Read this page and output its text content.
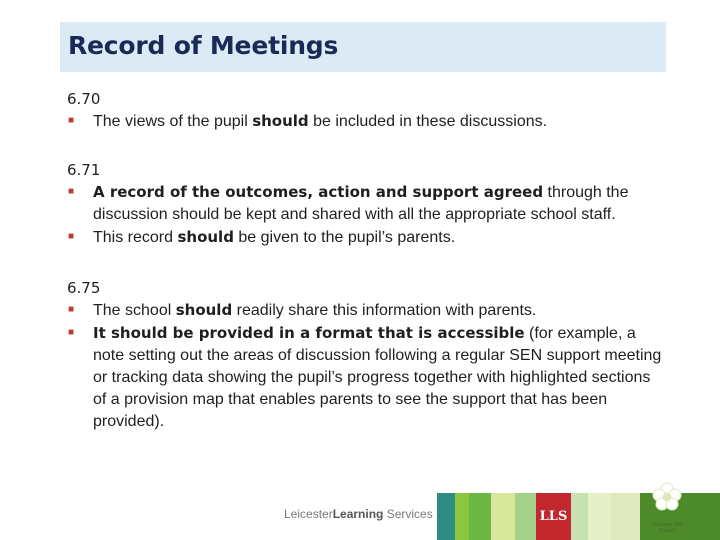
Record of Meetings
6.70
■ The views of the pupil should be included in these discussions.
6.71
■ A record of the outcomes, action and support agreed through the discussion should be kept and shared with all the appropriate school staff.
■ This record should be given to the pupil’s parents.
6.75
■ The school should readily share this information with parents.
■ It should be provided in a format that is accessible (for example, a note setting out the areas of discussion following a regular SEN support meeting or tracking data showing the pupil’s progress together with highlighted sections of a provision map that enables parents to see the support that has been provided).
LeicesterLearning Services	LLS
Leicester City Council
